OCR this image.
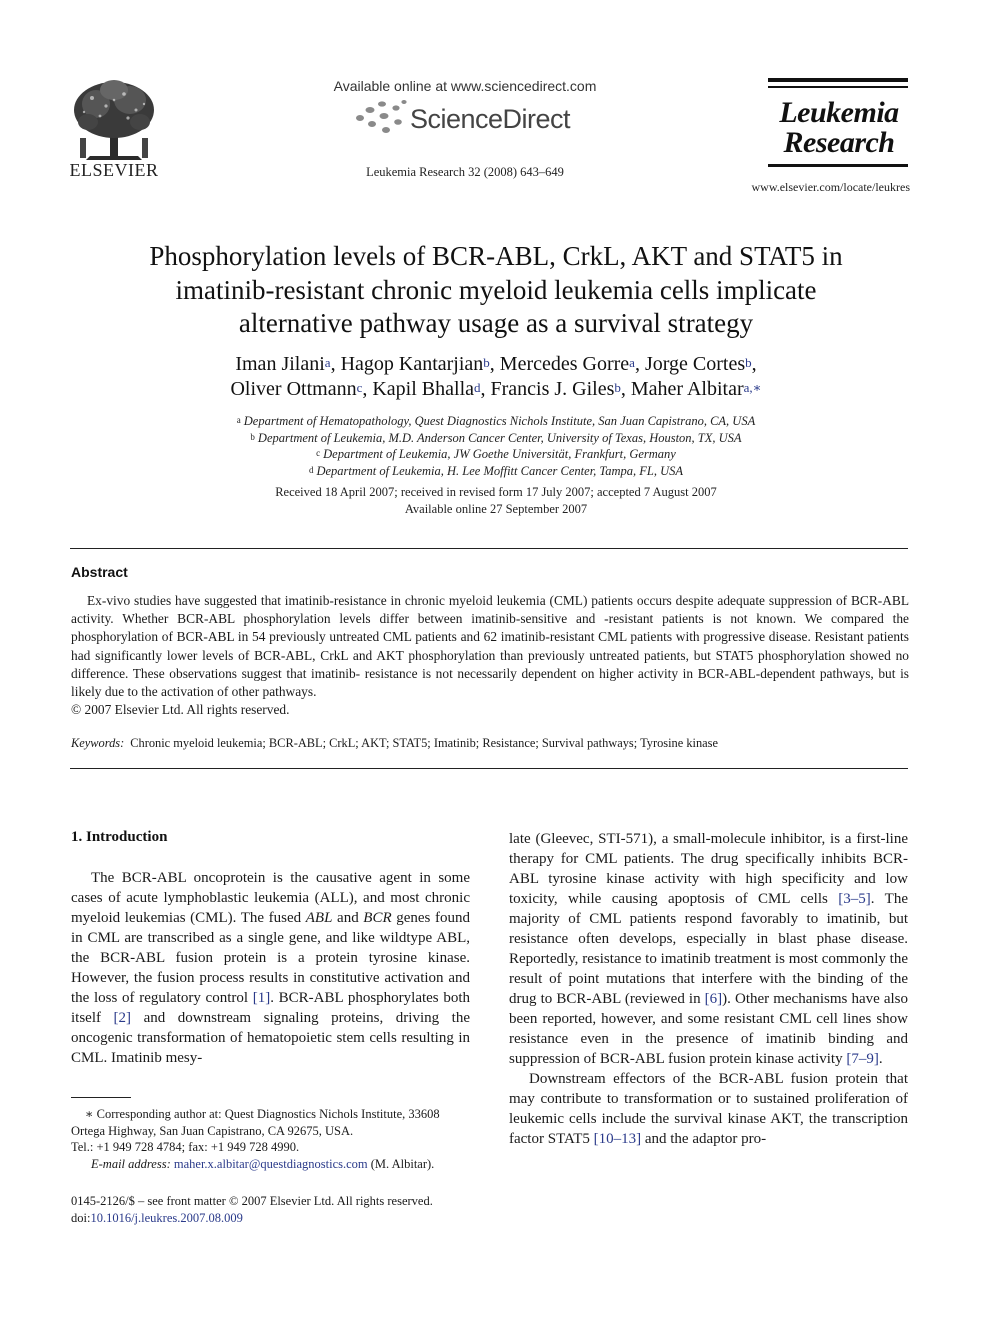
ELSEVIER
Available online at www.sciencedirect.com
ScienceDirect
Leukemia Research 32 (2008) 643–649
Leukemia
Research
www.elsevier.com/locate/leukres
Phosphorylation levels of BCR-ABL, CrkL, AKT and STAT5 in
imatinib-resistant chronic myeloid leukemia cells implicate
alternative pathway usage as a survival strategy
Iman Jilani$^a$, Hagop Kantarjian$^b$, Mercedes Gorre$^a$, Jorge Cortes$^b$,
Oliver Ottmann$^c$, Kapil Bhalla$^d$, Francis J. Giles$^b$, Maher Albitar$^{a,∗}$
$^a$ Department of Hematopathology, Quest Diagnostics Nichols Institute, San Juan Capistrano, CA, USA
$^b$ Department of Leukemia, M.D. Anderson Cancer Center, University of Texas, Houston, TX, USA
$^c$ Department of Leukemia, JW Goethe Universität, Frankfurt, Germany
$^d$ Department of Leukemia, H. Lee Moffitt Cancer Center, Tampa, FL, USA
Received 18 April 2007; received in revised form 17 July 2007; accepted 7 August 2007
Available online 27 September 2007
Abstract
Ex-vivo studies have suggested that imatinib-resistance in chronic myeloid leukemia (CML) patients occurs despite adequate suppression of BCR-ABL activity. Whether BCR-ABL phosphorylation levels differ between imatinib-sensitive and -resistant patients is not known. We compared the phosphorylation of BCR-ABL in 54 previously untreated CML patients and 62 imatinib-resistant CML patients with progressive disease. Resistant patients had significantly lower levels of BCR-ABL, CrkL and AKT phosphorylation than previously untreated patients, but STAT5 phosphorylation showed no difference. These observations suggest that imatinib- resistance is not necessarily dependent on higher activity in BCR-ABL-dependent pathways, but is likely due to the activation of other pathways.
© 2007 Elsevier Ltd. All rights reserved.
Keywords: Chronic myeloid leukemia; BCR-ABL; CrkL; AKT; STAT5; Imatinib; Resistance; Survival pathways; Tyrosine kinase
1. Introduction
The BCR-ABL oncoprotein is the causative agent in some cases of acute lymphoblastic leukemia (ALL), and most chronic myeloid leukemias (CML). The fused ABL and BCR genes found in CML are transcribed as a single gene, and like wildtype ABL, the BCR-ABL fusion protein is a protein tyrosine kinase. However, the fusion process results in constitutive activation and the loss of regulatory control [1]. BCR-ABL phosphorylates both itself [2] and downstream signaling proteins, driving the oncogenic transformation of hematopoietic stem cells resulting in CML. Imatinib mesy-

late (Gleevec, STI-571), a small-molecule inhibitor, is a first-line therapy for CML patients. The drug specifically inhibits BCR-ABL tyrosine kinase activity with high specificity and low toxicity, while causing apoptosis of CML cells [3–5]. The majority of CML patients respond favorably to imatinib, but resistance often develops, especially in blast phase disease. Reportedly, resistance to imatinib treatment is most commonly the result of point mutations that interfere with the binding of the drug to BCR-ABL (reviewed in [6]). Other mechanisms have also been reported, however, and some resistant CML cell lines show resistance even in the presence of imatinib binding and suppression of BCR-ABL fusion protein kinase activity [7–9].

Downstream effectors of the BCR-ABL fusion protein that may contribute to transformation or to sustained proliferation of leukemic cells include the survival kinase AKT, the transcription factor STAT5 [10–13] and the adaptor pro-

∗ Corresponding author at: Quest Diagnostics Nichols Institute, 33608 Ortega Highway, San Juan Capistrano, CA 92675, USA.
Tel.: +1 949 728 4784; fax: +1 949 728 4990.
E-mail address: maher.x.albitar@questdiagnostics.com (M. Albitar).
0145-2126/$ – see front matter © 2007 Elsevier Ltd. All rights reserved.
doi:10.1016/j.leukres.2007.08.009
